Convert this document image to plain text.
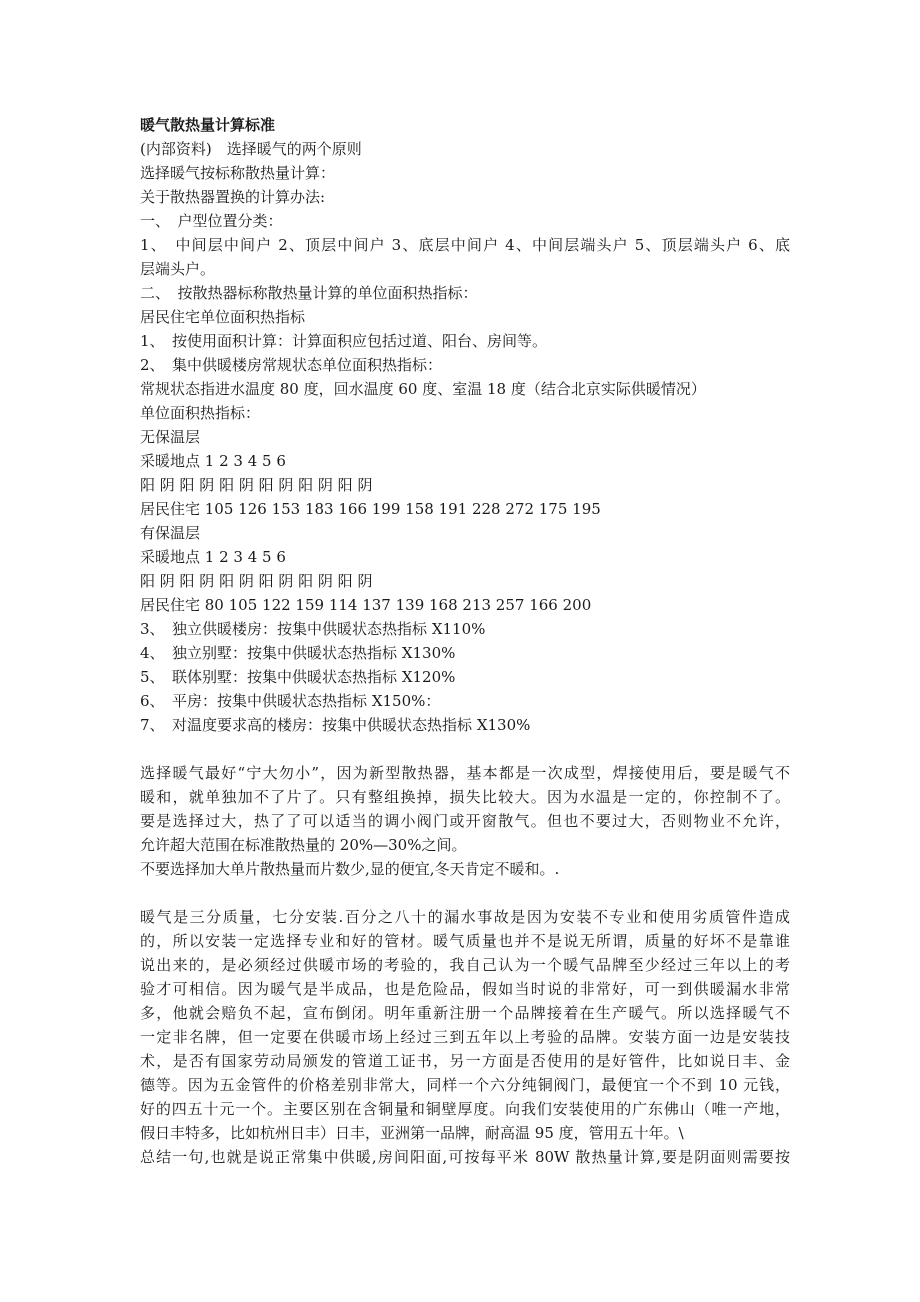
暖气散热量计算标准
(内部资料)　选择暖气的两个原则
选择暖气按标称散热量计算：
关于散热器置换的计算办法:
一、　户型位置分类：
1、　中间层中间户 2、顶层中间户 3、底层中间户 4、中间层端头户 5、顶层端头户 6、底
层端头户。
二、　按散热器标称散热量计算的单位面积热指标：
居民住宅单位面积热指标
1、　按使用面积计算：计算面积应包括过道、阳台、房间等。
2、　集中供暖楼房常规状态单位面积热指标：
常规状态指进水温度 80 度，回水温度 60 度、室温 18 度（结合北京实际供暖情况）
单位面积热指标：
无保温层
采暖地点 1 2 3 4 5 6
阳 阴 阳 阴 阳 阴 阳 阴 阳 阴 阳 阴
居民住宅 105 126 153 183 166 199 158 191 228 272 175 195
有保温层
采暖地点 1 2 3 4 5 6
阳 阴 阳 阴 阳 阴 阳 阴 阳 阴 阳 阴
居民住宅 80 105 122 159 114 137 139 168 213 257 166 200
3、　独立供暖楼房：按集中供暖状态热指标 X110%
4、　独立别墅：按集中供暖状态热指标 X130%
5、　联体别墅：按集中供暖状态热指标 X120%
6、　平房：按集中供暖状态热指标 X150%：
7、　对温度要求高的楼房：按集中供暖状态热指标 X130%
选择暖气最好“宁大勿小”，因为新型散热器，基本都是一次成型，焊接使用后，要是暖气不
暖和，就单独加不了片了。只有整组换掉，损失比较大。因为水温是一定的，你控制不了。
要是选择过大，热了了可以适当的调小阀门或开窗散气。但也不要过大，否则物业不允许，
允许超大范围在标准散热量的 20%—30%之间。
不要选择加大单片散热量而片数少,显的便宜,冬天肯定不暖和。.
暖气是三分质量，七分安装.百分之八十的漏水事故是因为安装不专业和使用劣质管件造成
的，所以安装一定选择专业和好的管材。暖气质量也并不是说无所谓，质量的好坏不是靠谁
说出来的，是必须经过供暖市场的考验的，我自己认为一个暖气品牌至少经过三年以上的考
验才可相信。因为暖气是半成品，也是危险品，假如当时说的非常好，可一到供暖漏水非常
多，他就会赔负不起，宣布倒闭。明年重新注册一个品牌接着在生产暖气。所以选择暖气不
一定非名牌，但一定要在供暖市场上经过三到五年以上考验的品牌。安装方面一边是安装技
术，是否有国家劳动局颁发的管道工证书，另一方面是否使用的是好管件，比如说日丰、金
德等。因为五金管件的价格差别非常大，同样一个六分纯铜阀门，最便宜一个不到 10 元钱，
好的四五十元一个。主要区别在含铜量和铜壁厚度。向我们安装使用的广东佛山（唯一产地，
假日丰特多，比如杭州日丰）日丰，亚洲第一品牌，耐高温 95 度，管用五十年。\
总结一句,也就是说正常集中供暖,房间阳面,可按每平米 80W 散热量计算,要是阴面则需要按
